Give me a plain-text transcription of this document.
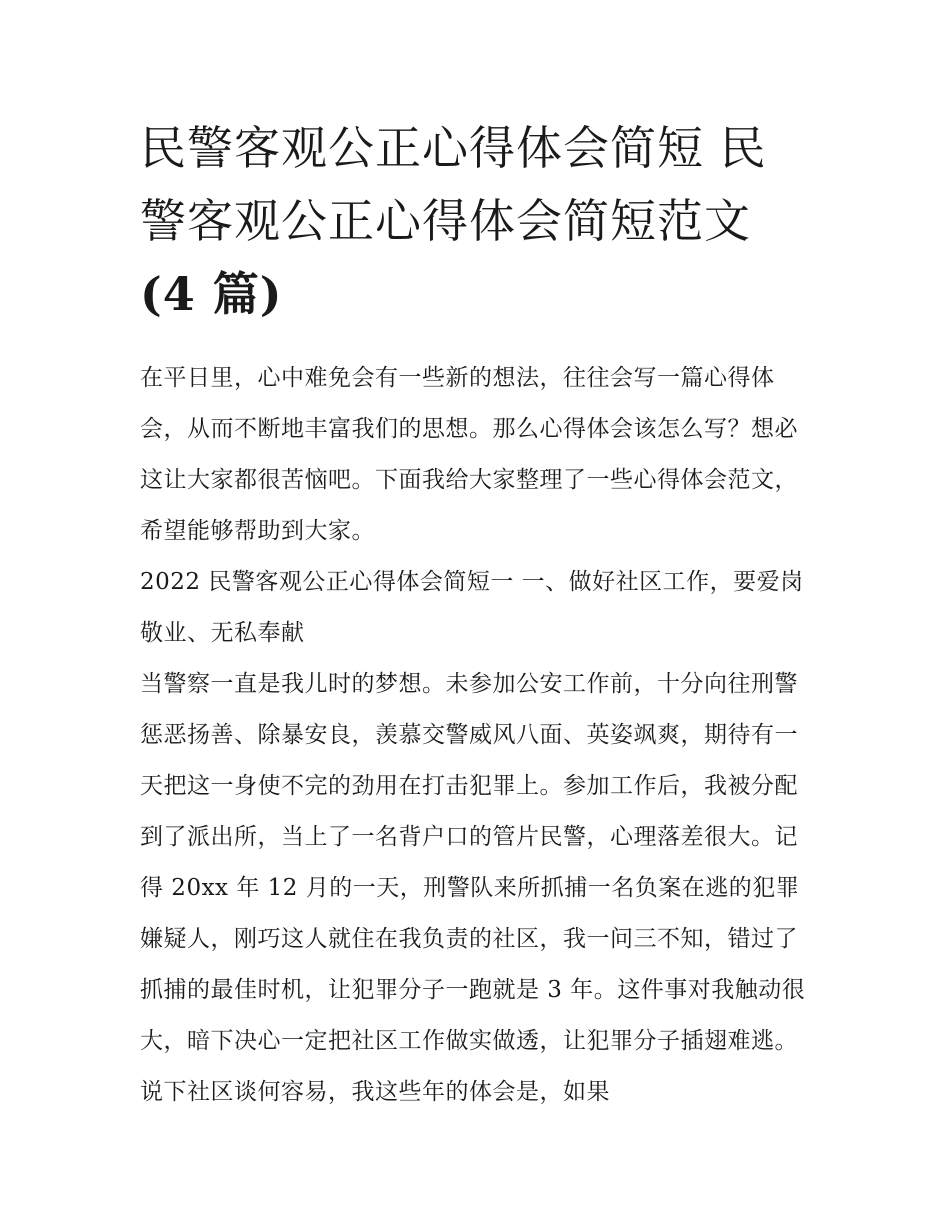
民警客观公正心得体会简短 民警客观公正心得体会简短范文 (4 篇)

在平日里，心中难免会有一些新的想法，往往会写一篇心得体会，从而不断地丰富我们的思想。那么心得体会该怎么写？想必这让大家都很苦恼吧。下面我给大家整理了一些心得体会范文，希望能够帮助到大家。

2022 民警客观公正心得体会简短一 一、做好社区工作，要爱岗敬业、无私奉献

当警察一直是我儿时的梦想。未参加公安工作前，十分向往刑警惩恶扬善、除暴安良，羡慕交警威风八面、英姿飒爽，期待有一天把这一身使不完的劲用在打击犯罪上。参加工作后，我被分配到了派出所，当上了一名背户口的管片民警，心理落差很大。记得 20xx 年 12 月的一天，刑警队来所抓捕一名负案在逃的犯罪嫌疑人，刚巧这人就住在我负责的社区，我一问三不知，错过了抓捕的最佳时机，让犯罪分子一跑就是 3 年。这件事对我触动很大，暗下决心一定把社区工作做实做透，让犯罪分子插翅难逃。说下社区谈何容易，我这些年的体会是，如果
